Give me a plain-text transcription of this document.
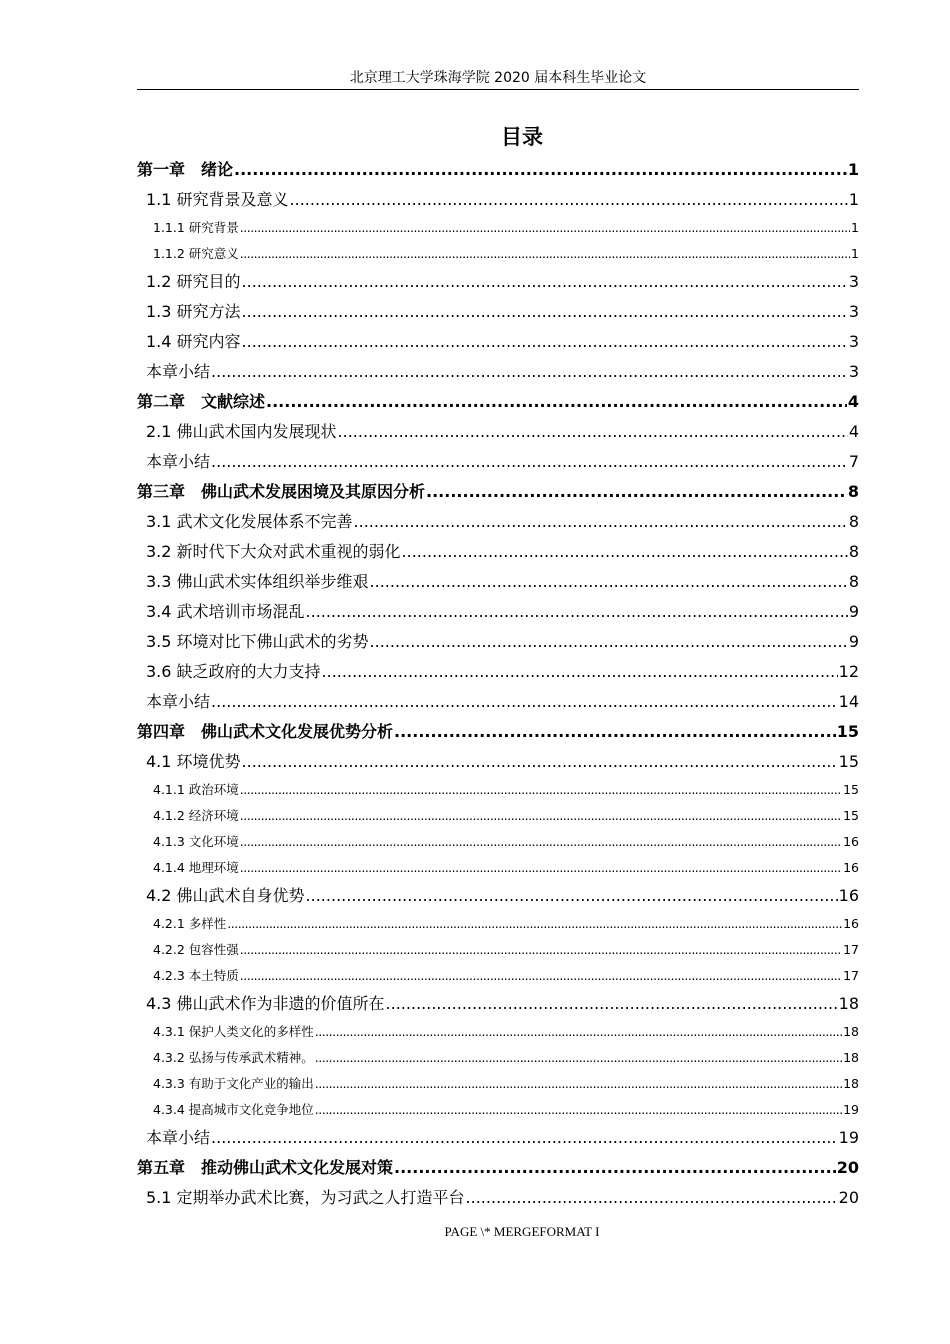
北京理工大学珠海学院 2020 届本科生毕业论文
目录
第一章　绪论 .....	1
1.1 研究背景及意义 .....	1
1.1.1 研究背景 .....	1
1.1.2 研究意义 .....	1
1.2 研究目的 .....	3
1.3 研究方法 .....	3
1.4 研究内容 .....	3
本章小结 .....	3
第二章　文献综述 .....	4
2.1 佛山武术国内发展现状 .....	4
本章小结 .....	7
第三章　佛山武术发展困境及其原因分析 .....	8
3.1 武术文化发展体系不完善 .....	8
3.2 新时代下大众对武术重视的弱化 .....	8
3.3 佛山武术实体组织举步维艰 .....	8
3.4 武术培训市场混乱 .....	9
3.5 环境对比下佛山武术的劣势 .....	9
3.6 缺乏政府的大力支持 .....	12
本章小结 .....	14
第四章　佛山武术文化发展优势分析 .....	15
4.1 环境优势 .....	15
4.1.1 政治环境 .....	15
4.1.2 经济环境 .....	15
4.1.3 文化环境 .....	16
4.1.4 地理环境 .....	16
4.2 佛山武术自身优势 .....	16
4.2.1 多样性 .....	16
4.2.2 包容性强 .....	17
4.2.3 本土特质 .....	17
4.3 佛山武术作为非遗的价值所在 .....	18
4.3.1 保护人类文化的多样性 .....	18
4.3.2 弘扬与传承武术精神。 .....	18
4.3.3 有助于文化产业的输出 .....	18
4.3.4 提高城市文化竞争地位 .....	19
本章小结 .....	19
第五章　推动佛山武术文化发展对策 .....	20
5.1 定期举办武术比赛，为习武之人打造平台 .....	20
PAGE \* MERGEFORMAT I
